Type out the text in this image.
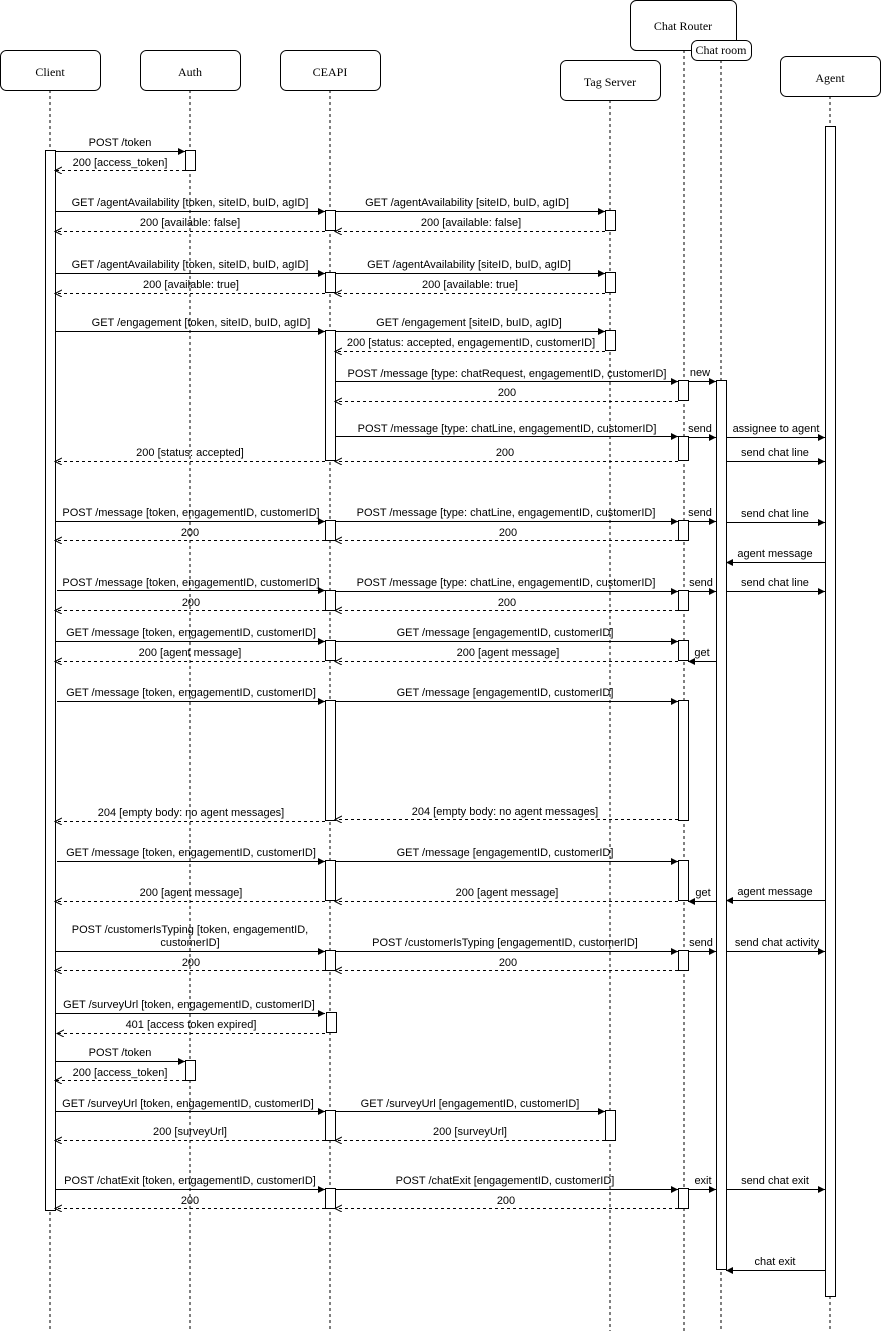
Client	Auth	CEAPI
Tag Server
Chat Router
Chat room
Agent
POST /token
200 [access_token]
GET /agentAvailability [token, siteID, buID, agID]	GET /agentAvailability [siteID, buID, agID]
200 [available: false]	200 [available: false]
GET /agentAvailability [token, siteID, buID, agID]	GET /agentAvailability [siteID, buID, agID]
200 [available: true]	200 [available: true]
GET /engagement [token, siteID, buID, agID]	GET /engagement [siteID, buID, agID]
200 [status: accepted, engagementID, customerID]
POST /message [type: chatRequest, engagementID, customerID] new
200
POST /message [type: chatLine, engagementID, customerID]	send assignee to agent
200 [status: accepted]	200	send chat line
POST /message [token, engagementID, customerID]	POST /message [type: chatLine, engagementID, customerID]	send	send chat line
200	200
agent message
POST /message [token, engagementID, customerID]	POST /message [type: chatLine, engagementID, customerID]	send	send chat line
200	200
GET /message [token, engagementID, customerID]	GET /message [engagementID, customerID]
200 [agent message]	200 [agent message]	get
GET /message [token, engagementID, customerID]	GET /message [engagementID, customerID]
204 [empty body: no agent messages]	204 [empty body: no agent messages]
GET /message [token, engagementID, customerID]	GET /message [engagementID, customerID]
200 [agent message]	200 [agent message]	get agent message
POST /customerIsTyping [token, engagementID,
customerID]	POST /customerIsTyping [engagementID, customerID]	send send chat activity
200	200
GET /surveyUrl [token, engagementID, customerID]
401 [access token expired]
POST /token
200 [access_token]
GET /surveyUrl [token, engagementID, customerID]	GET /surveyUrl [engagementID, customerID]
200 [surveyUrl]	200 [surveyUrl]
POST /chatExit [token, engagementID, customerID]	POST /chatExit [engagementID, customerID]	exit	send chat exit
200	200
chat exit
